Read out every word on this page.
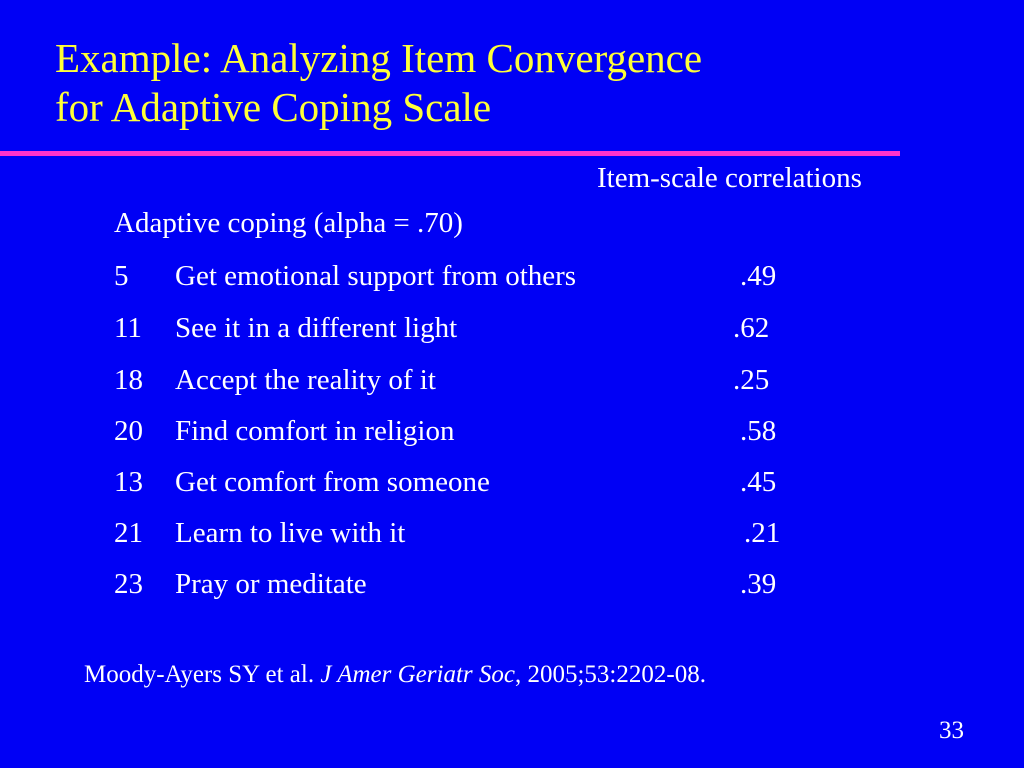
Example: Analyzing Item Convergence
for Adaptive Coping Scale
Item-scale correlations
Adaptive coping (alpha = .70)
5 Get emotional support from others	.49
11 See it in a different light	.62
18 Accept the reality of it	.25
20 Find comfort in religion	.58
13 Get comfort from someone	.45
21 Learn to live with it	.21
23 Pray or meditate	.39
Moody-Ayers SY et al. J Amer Geriatr Soc, 2005;53:2202-08.
33
